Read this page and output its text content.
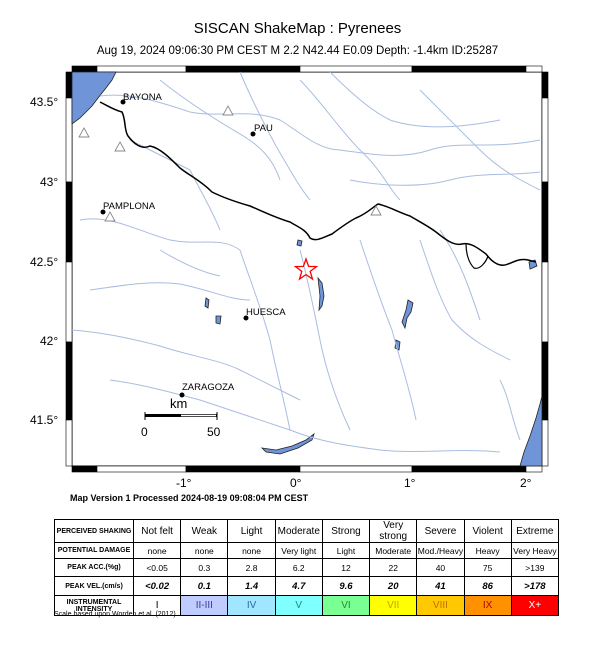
SISCAN ShakeMap : Pyrenees
Aug 19, 2024 09:06:30 PM CEST M 2.2 N42.44 E0.09 Depth: -1.4km ID:25287
BAYONA
PAU
PAMPLONA
HUESCA
ZARAGOZA
km
0	50
43.5°
43°
42.5°
42°
41.5°
-1°	0°	1°	2°
Map Version 1 Processed 2024-08-19 09:08:04 PM CEST
PERCEIVED SHAKING	Not felt	Weak	Light	Moderate	Strong	Very strong	Severe	Violent	Extreme
POTENTIAL DAMAGE	none	none	none	Very light	Light	Moderate	Mod./Heavy	Heavy	Very Heavy
PEAK ACC.(%g)	<0.05	0.3	2.8	6.2	12	22	40	75	>139
PEAK VEL.(cm/s)	<0.02	0.1	1.4	4.7	9.6	20	41	86	>178
INSTRUMENTAL INTENSITY	I	II-III	IV	V	VI	VII	VIII	IX	X+
Scale based upon Worden et al. (2012)
